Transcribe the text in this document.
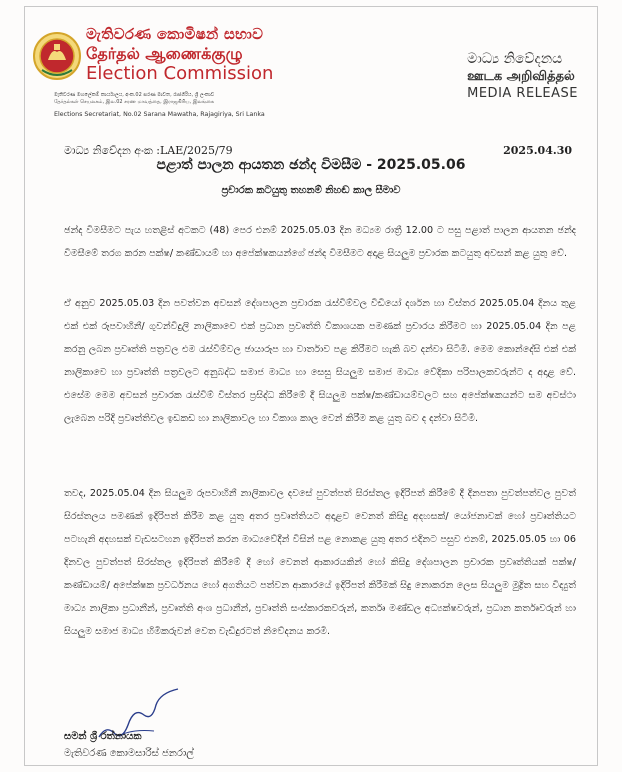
මැතිවරණ කොමිෂන් සභාව
தேர்தல் ஆணைக்குழு
Election Commission
මැතිවරණ මහලේකම් කාර්යාලය, අංක.02 සරණ මාවත, රාජගිරිය, ශ්‍රී ලංකාව
தேர்தல்கள் செயலகம், இல.02 சரண மாவத்தை, இராஜகிரிய, இலங்கை
Elections Secretariat, No.02 Sarana Mawatha, Rajagiriya, Sri Lanka
මාධ්‍ය නිවේදනය
ஊடக அறிவித்தல்
MEDIA RELEASE
මාධ්‍ය නිවේදන අංක :LAE/2025/79	2025.04.30
පළාත් පාලන ආයතන ඡන්ද විමසීම - 2025.05.06
ප්‍රචාරක කටයුතු තහනම් නිහඬ කාල සීමාව
ඡන්ද විමසීමට පැය හතළිස් අටකට (48) පෙර එනම් 2025.05.03 දින මධ්‍යම රාත්‍රී 12.00 ට පසු පළාත් පාලන ආයතන ඡන්ද විමසීමේ තරග කරන පක්ෂ/ කණ්ඩායම් හා අපේක්ෂකයන්ගේ ඡන්ද විමසීමට අදාළ සියලුම ප්‍රචාරක කටයුතු අවසන් කළ යුතු වේ.
ඒ අනුව 2025.05.03 දින පවත්වන අවසන් දේශපාලන ප්‍රචාරක රැස්වීම්වල වීඩියෝ දර්ශන හා විස්තර 2025.05.04 දිනය තුළ එක් එක් රූපවාහිනී/ ගුවන්විදුලි නාලිකාවෙ එක් ප්‍රධාන ප්‍රවෘත්ති විකාශයක පමණක් ප්‍රචාරය කිරීමට හා 2025.05.04 දින පළ කරනු ලබන ප්‍රවෘත්ති පත්‍රවල එම රැස්වීම්වල ඡායාරූප හා වාර්තාව පළ කිරීමට හැකි බව දන්වා සිටිමි. මෙම කොන්දේසි එක් එක් නාලිකාවෙ හා ප්‍රවෘත්ති පත්‍රවලට අනුබද්ධ සමාජ මාධ්‍ය හා සෙසු සියලුම සමාජ මාධ්‍ය වේදිකා පරිපාලකවරුන්ට ද අදාළ වේ. එසේම මෙම අවසන් ප්‍රචාරක රැස්වීම් විස්තර ප්‍රසිද්ධ කිරීමේ දී සියලුම පක්ෂ/කණ්ඩායම්වලට සහ අපේක්ෂකයන්ට සම අවස්ථා ලැබෙන පරිදි ප්‍රවෘත්තිවල ඉඩකඩ හා නාලිකාවල හා විකාශ කාල වෙන් කිරීම කළ යුතු බව ද දන්වා සිටිමි.
තවද, 2025.05.04 දින සියලුම රූපවාහිනී නාලිකාවල දවසේ පුවත්පත් සිරස්තල ඉදිරිපත් කිරීමේ දී දිනපතා පුවත්පත්වල පුවත් සිරස්තලය පමණක් ඉදිරිපත් කිරීම කළ යුතු අතර ප්‍රවෘත්තියට අදාළව වෙනත් කිසිදු අදහසක්/ යෝජනාවක් හෝ ප්‍රවෘත්තියට පටහැනි අදහසක් වැඩසටහන ඉදිරිපත් කරන මාධ්‍යවේදීන් විසින් පළ නොකළ යුතු අතර එදිනට පසුව එනම්, 2025.05.05 හා 06 දිනවල පුවත්පත් සිරස්තල ඉදිරිපත් කිරීමේ දී හෝ වෙනත් ආකාරයකින් හෝ කිසිදු දේශපාලන ප්‍රචාරක ප්‍රවෘත්තියක් පක්ෂ/ කණ්ඩායම්/ අපේක්ෂක ප්‍රවර්ධනය හෝ අගතියට පත්වන ආකාරයේ ඉදිරිපත් කිරීමක් සිදු නොකරන ලෙස සියලුම මුද්‍රිත සහ විද්‍යුත් මාධ්‍ය නාලිකා ප්‍රධානීන්, ප්‍රවෘත්ති අංශ ප්‍රධානීන්, ප්‍රවෘත්ති සංස්කාරකවරුන්, කර්තෘ මණ්ඩල අධ්‍යක්ෂවරුන්, ප්‍රධාන කර්තෘවරුන් හා සියලුම සමාජ මාධ්‍ය හිමිකරුවන් වෙත වැඩිදුරටත් නිවේදනය කරමි.
සමන් ශ්‍රී රත්නායක
මැතිවරණ කොමසාරිස් ජනරාල්
